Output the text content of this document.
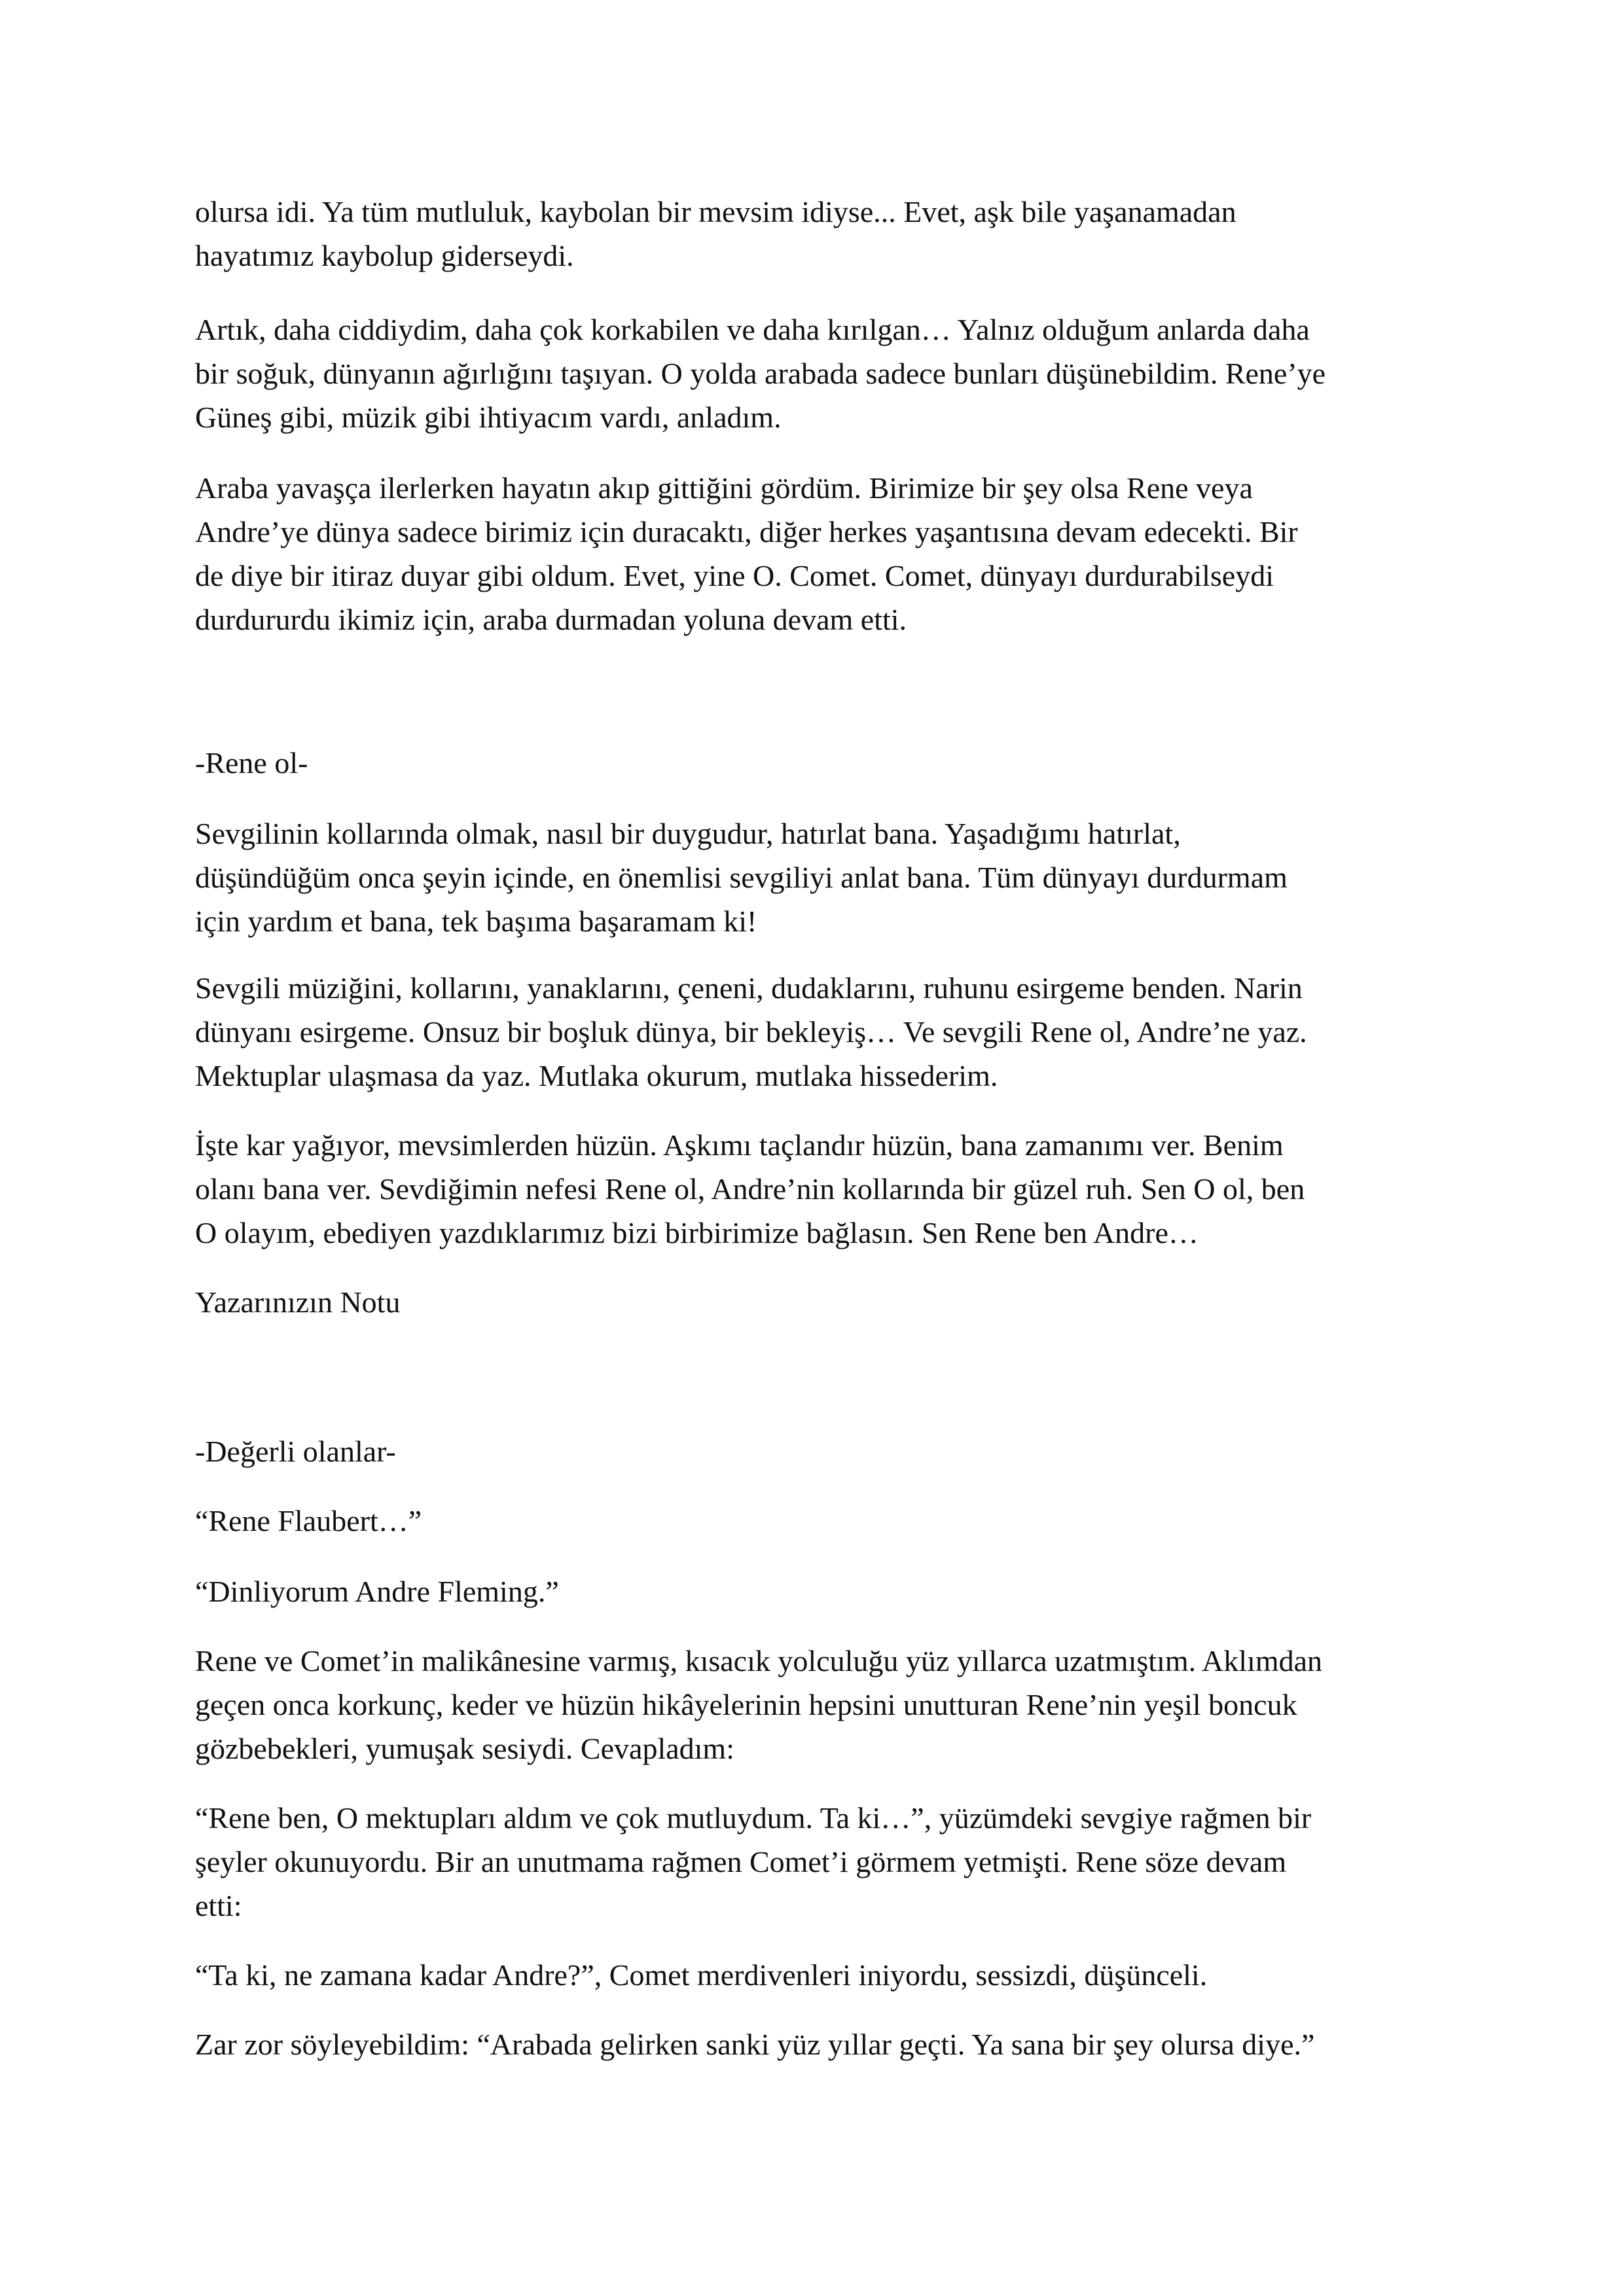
olursa idi. Ya tüm mutluluk, kaybolan bir mevsim idiyse... Evet, aşk bile yaşanamadan
hayatımız kaybolup giderseydi.
Artık, daha ciddiydim, daha çok korkabilen ve daha kırılgan… Yalnız olduğum anlarda daha
bir soğuk, dünyanın ağırlığını taşıyan. O yolda arabada sadece bunları düşünebildim. Rene’ye
Güneş gibi, müzik gibi ihtiyacım vardı, anladım.
Araba yavaşça ilerlerken hayatın akıp gittiğini gördüm. Birimize bir şey olsa Rene veya
Andre’ye dünya sadece birimiz için duracaktı, diğer herkes yaşantısına devam edecekti. Bir
de diye bir itiraz duyar gibi oldum. Evet, yine O. Comet. Comet, dünyayı durdurabilseydi
durdururdu ikimiz için, araba durmadan yoluna devam etti.
-Rene ol-
Sevgilinin kollarında olmak, nasıl bir duygudur, hatırlat bana. Yaşadığımı hatırlat,
düşündüğüm onca şeyin içinde, en önemlisi sevgiliyi anlat bana. Tüm dünyayı durdurmam
için yardım et bana, tek başıma başaramam ki!
Sevgili müziğini, kollarını, yanaklarını, çeneni, dudaklarını, ruhunu esirgeme benden. Narin
dünyanı esirgeme. Onsuz bir boşluk dünya, bir bekleyiş… Ve sevgili Rene ol, Andre’ne yaz.
Mektuplar ulaşmasa da yaz. Mutlaka okurum, mutlaka hissederim.
İşte kar yağıyor, mevsimlerden hüzün. Aşkımı taçlandır hüzün, bana zamanımı ver. Benim
olanı bana ver. Sevdiğimin nefesi Rene ol, Andre’nin kollarında bir güzel ruh. Sen O ol, ben
O olayım, ebediyen yazdıklarımız bizi birbirimize bağlasın. Sen Rene ben Andre…
Yazarınızın Notu
-Değerli olanlar-
“Rene Flaubert…”
“Dinliyorum Andre Fleming.”
Rene ve Comet’in malikânesine varmış, kısacık yolculuğu yüz yıllarca uzatmıştım. Aklımdan
geçen onca korkunç, keder ve hüzün hikâyelerinin hepsini unutturan Rene’nin yeşil boncuk
gözbebekleri, yumuşak sesiydi. Cevapladım:
“Rene ben, O mektupları aldım ve çok mutluydum. Ta ki…”, yüzümdeki sevgiye rağmen bir
şeyler okunuyordu. Bir an unutmama rağmen Comet’i görmem yetmişti. Rene söze devam
etti:
“Ta ki, ne zamana kadar Andre?”, Comet merdivenleri iniyordu, sessizdi, düşünceli.
Zar zor söyleyebildim: “Arabada gelirken sanki yüz yıllar geçti. Ya sana bir şey olursa diye.”
